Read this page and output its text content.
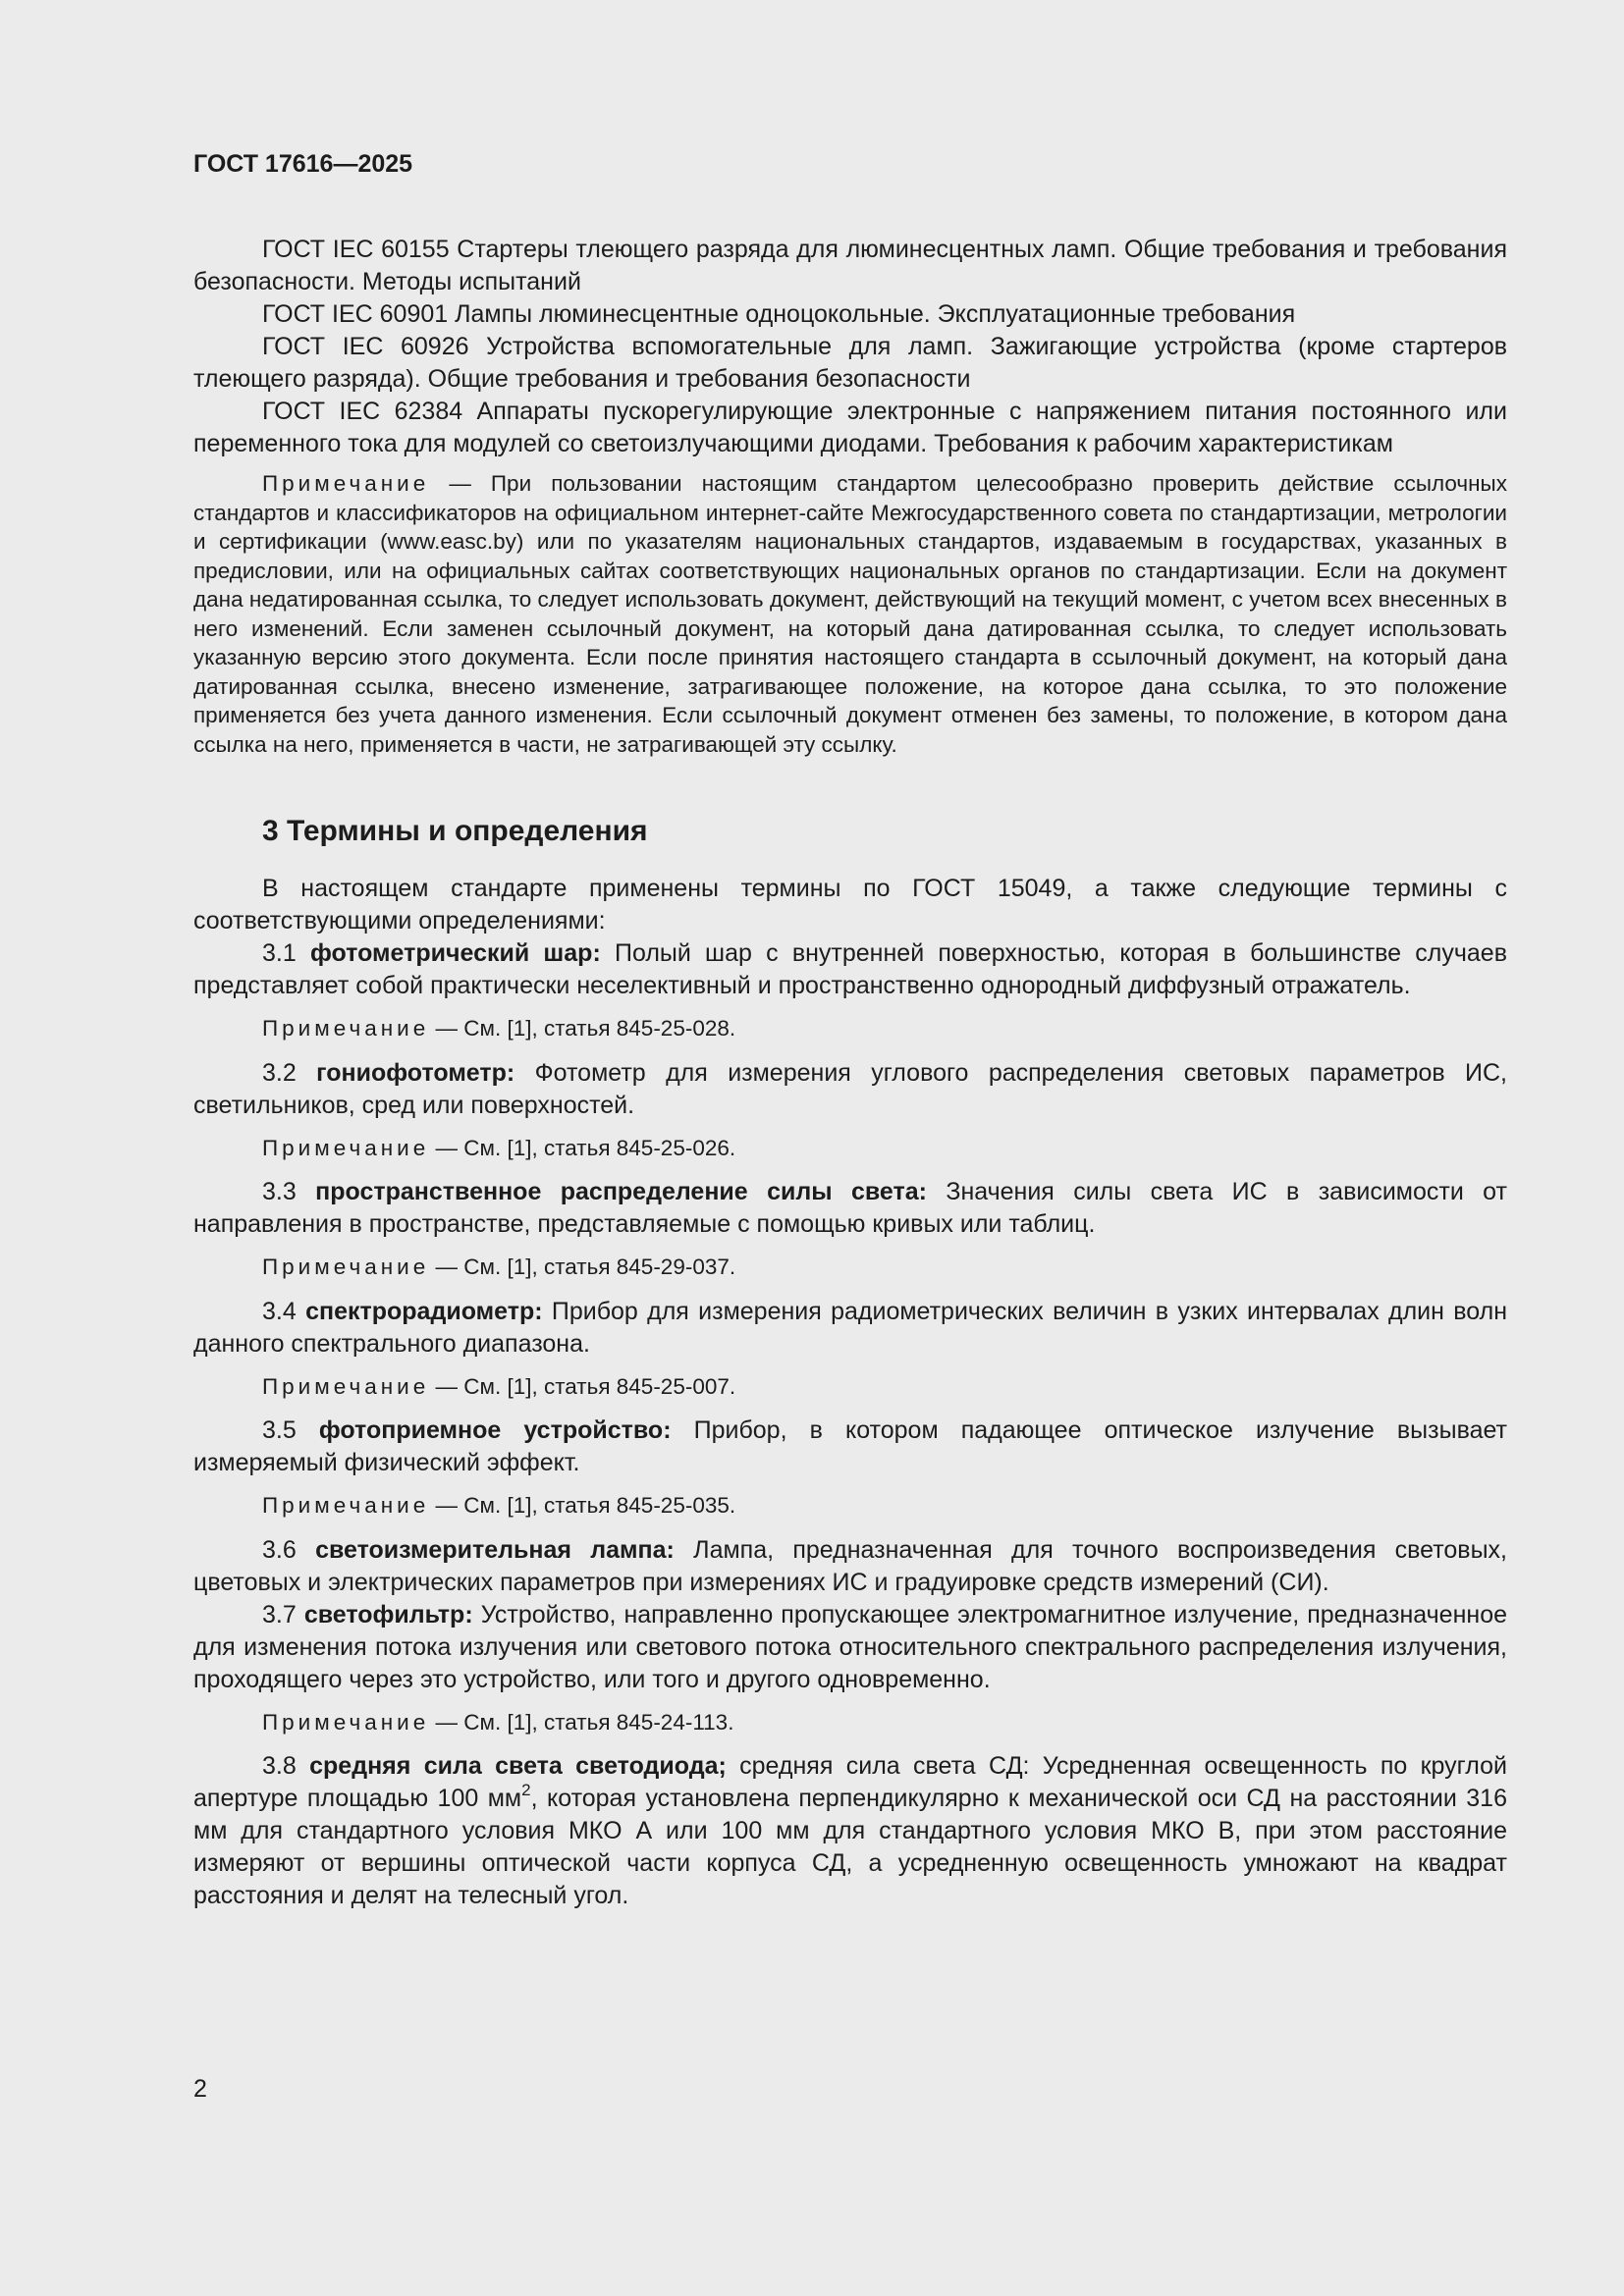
ГОСТ 17616—2025

ГОСТ IEC 60155 Стартеры тлеющего разряда для люминесцентных ламп. Общие требования и требования безопасности. Методы испытаний

ГОСТ IEC 60901 Лампы люминесцентные одноцокольные. Эксплуатационные требования

ГОСТ IEC 60926 Устройства вспомогательные для ламп. Зажигающие устройства (кроме стартеров тлеющего разряда). Общие требования и требования безопасности

ГОСТ IEC 62384 Аппараты пускорегулирующие электронные с напряжением питания постоянного или переменного тока для модулей со светоизлучающими диодами. Требования к рабочим характеристикам

Примечание — При пользовании настоящим стандартом целесообразно проверить действие ссылочных стандартов и классификаторов на официальном интернет-сайте Межгосударственного совета по стандартизации, метрологии и сертификации (www.easc.by) или по указателям национальных стандартов, издаваемым в государствах, указанных в предисловии, или на официальных сайтах соответствующих национальных органов по стандартизации. Если на документ дана недатированная ссылка, то следует использовать документ, действующий на текущий момент, с учетом всех внесенных в него изменений. Если заменен ссылочный документ, на который дана датированная ссылка, то следует использовать указанную версию этого документа. Если после принятия настоящего стандарта в ссылочный документ, на который дана датированная ссылка, внесено изменение, затрагивающее положение, на которое дана ссылка, то это положение применяется без учета данного изменения. Если ссылочный документ отменен без замены, то положение, в котором дана ссылка на него, применяется в части, не затрагивающей эту ссылку.

3 Термины и определения

В настоящем стандарте применены термины по ГОСТ 15049, а также следующие термины с соответствующими определениями:

3.1 фотометрический шар: Полый шар с внутренней поверхностью, которая в большинстве случаев представляет собой практически неселективный и пространственно однородный диффузный отражатель.

Примечание — См. [1], статья 845-25-028.

3.2 гониофотометр: Фотометр для измерения углового распределения световых параметров ИС, светильников, сред или поверхностей.

Примечание — См. [1], статья 845-25-026.

3.3 пространственное распределение силы света: Значения силы света ИС в зависимости от направления в пространстве, представляемые с помощью кривых или таблиц.

Примечание — См. [1], статья 845-29-037.

3.4 спектрорадиометр: Прибор для измерения радиометрических величин в узких интервалах длин волн данного спектрального диапазона.

Примечание — См. [1], статья 845-25-007.

3.5 фотоприемное устройство: Прибор, в котором падающее оптическое излучение вызывает измеряемый физический эффект.

Примечание — См. [1], статья 845-25-035.

3.6 светоизмерительная лампа: Лампа, предназначенная для точного воспроизведения световых, цветовых и электрических параметров при измерениях ИС и градуировке средств измерений (СИ).

3.7 светофильтр: Устройство, направленно пропускающее электромагнитное излучение, предназначенное для изменения потока излучения или светового потока относительного спектрального распределения излучения, проходящего через это устройство, или того и другого одновременно.

Примечание — См. [1], статья 845-24-113.

3.8 средняя сила света светодиода; средняя сила света СД: Усредненная освещенность по круглой апертуре площадью 100 $мм^2$, которая установлена перпендикулярно к механической оси СД на расстоянии 316 мм для стандартного условия МКО А или 100 мм для стандартного условия МКО В, при этом расстояние измеряют от вершины оптической части корпуса СД, а усредненную освещенность умножают на квадрат расстояния и делят на телесный угол.

2
